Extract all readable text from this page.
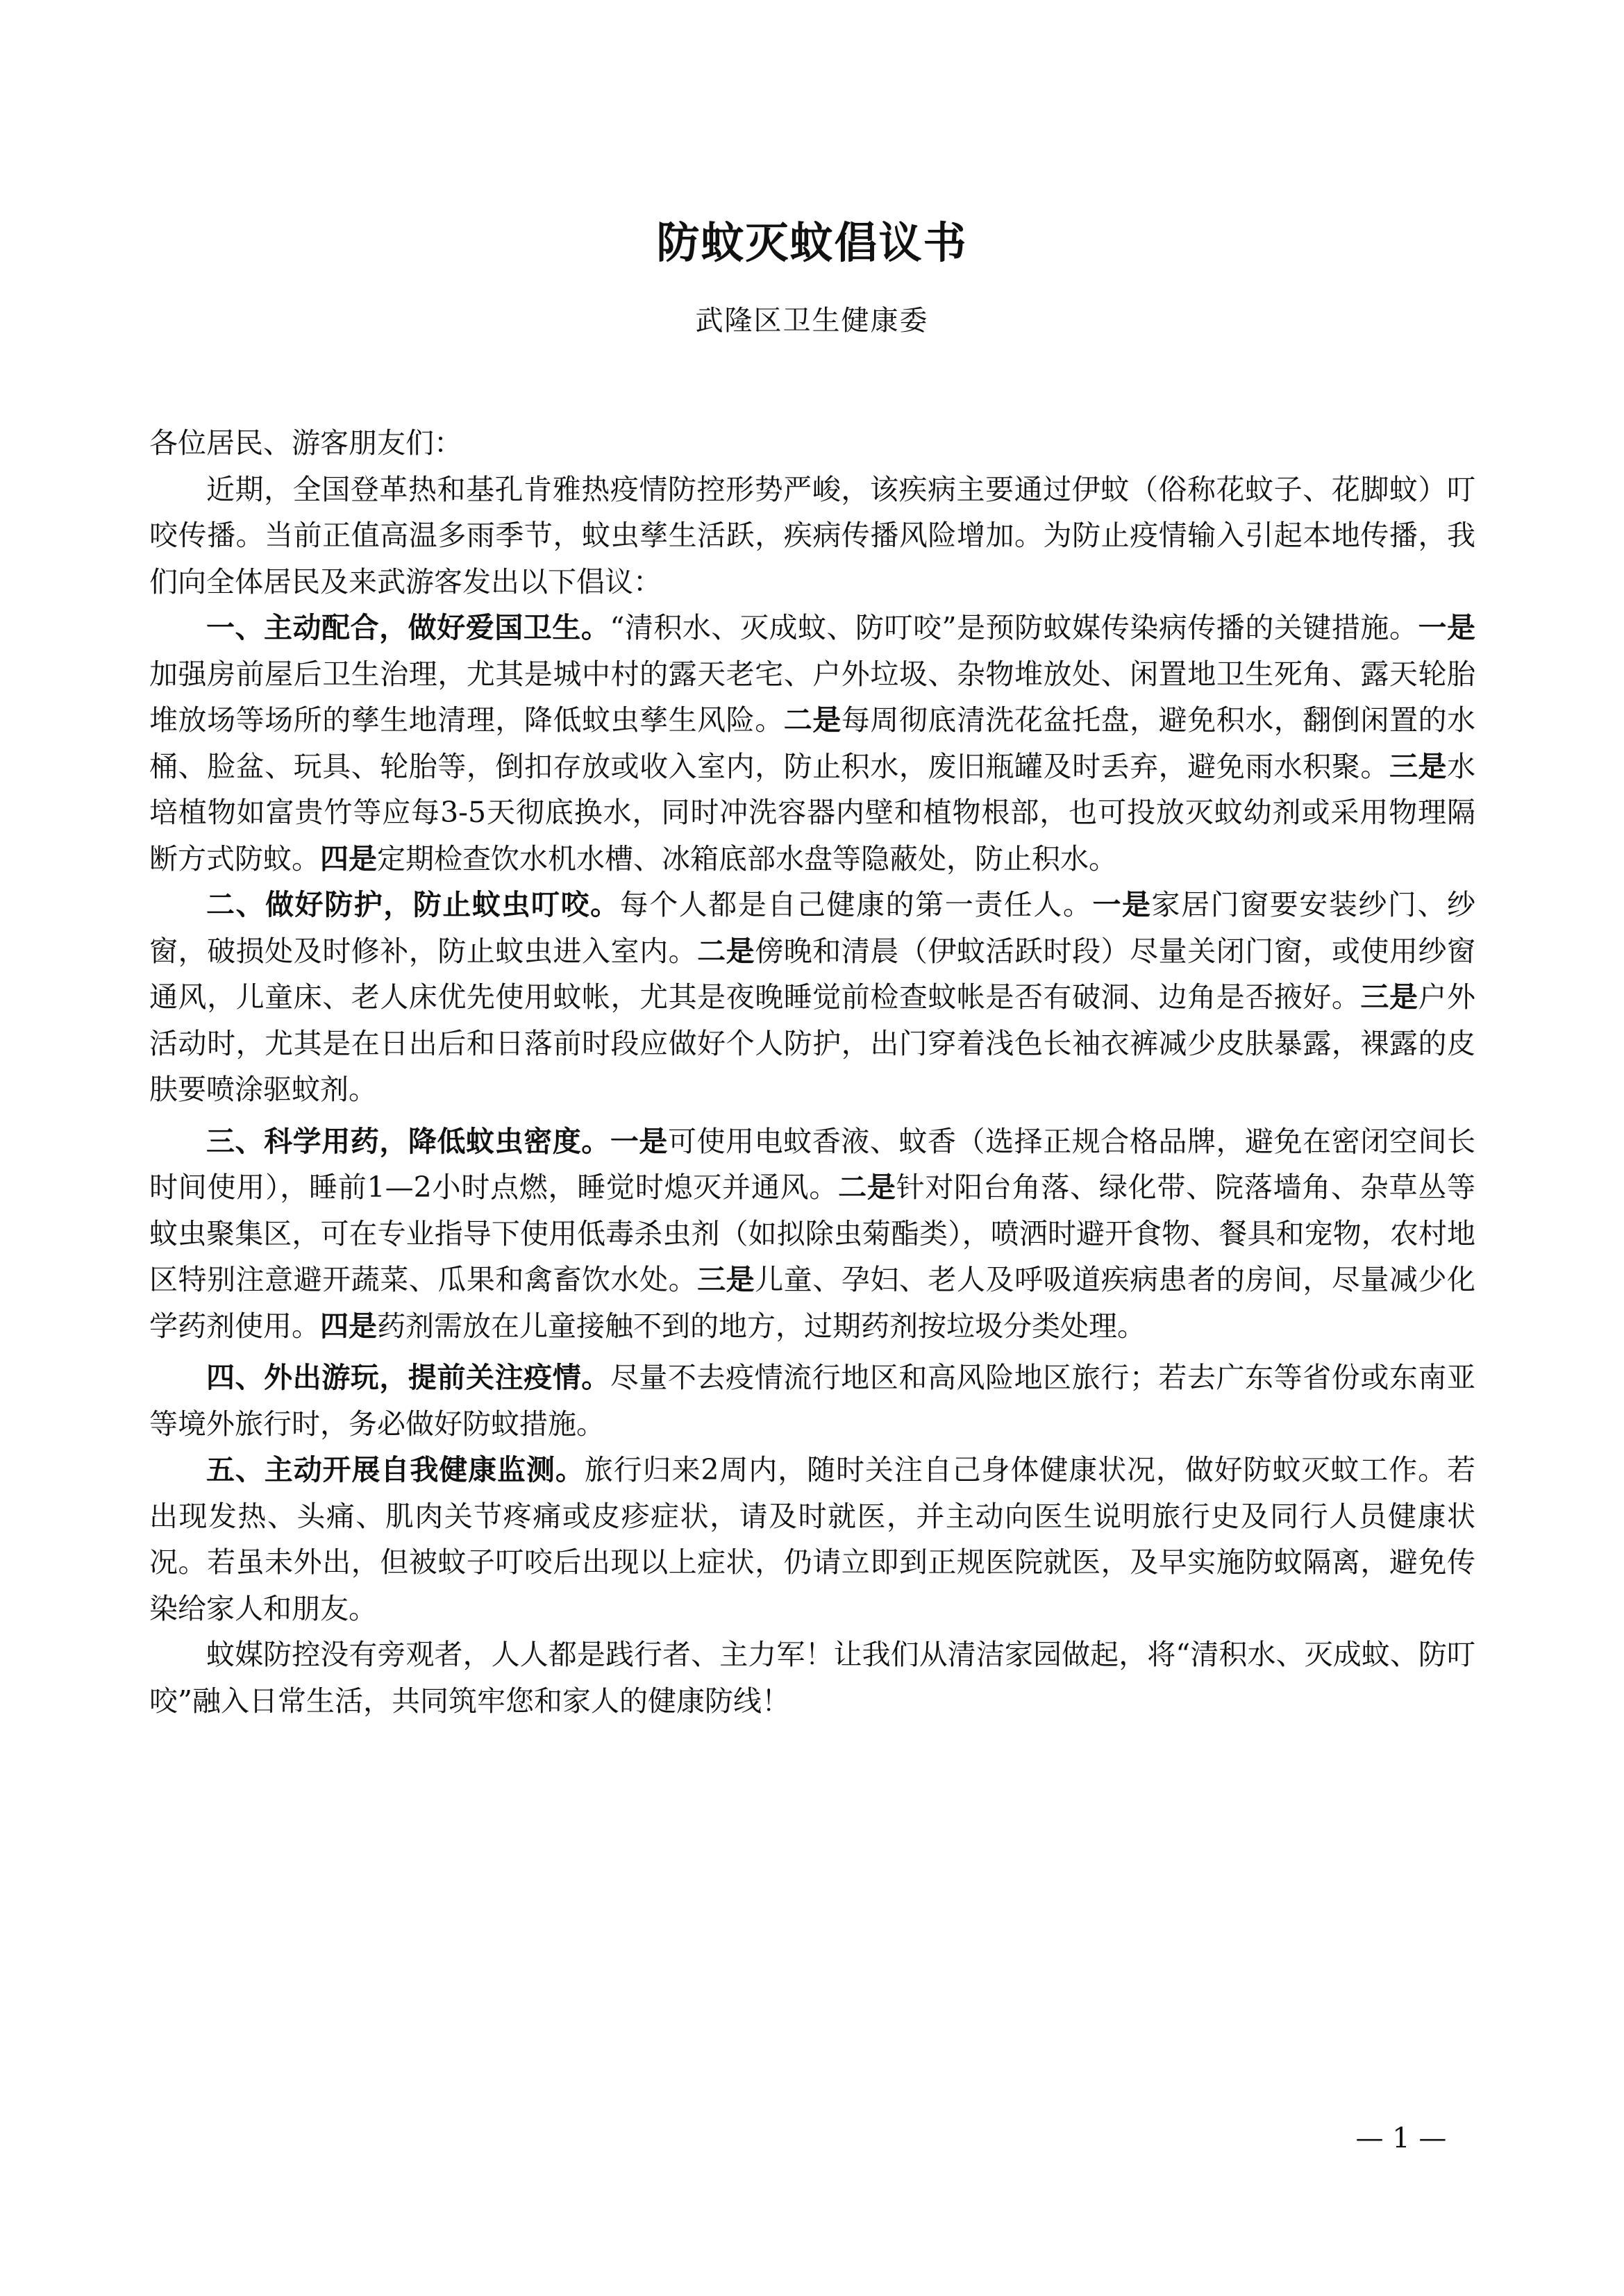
防蚊灭蚊倡议书
武隆区卫生健康委

各位居民、游客朋友们：

近期，全国登革热和基孔肯雅热疫情防控形势严峻，该疾病主要通过伊蚊（俗称花蚊子、花脚蚊）叮咬传播。当前正值高温多雨季节，蚊虫孳生活跃，疾病传播风险增加。为防止疫情输入引起本地传播，我们向全体居民及来武游客发出以下倡议：

一、主动配合，做好爱国卫生。“清积水、灭成蚊、防叮咬”是预防蚊媒传染病传播的关键措施。一是加强房前屋后卫生治理，尤其是城中村的露天老宅、户外垃圾、杂物堆放处、闲置地卫生死角、露天轮胎堆放场等场所的孳生地清理，降低蚊虫孳生风险。二是每周彻底清洗花盆托盘，避免积水，翻倒闲置的水桶、脸盆、玩具、轮胎等，倒扣存放或收入室内，防止积水，废旧瓶罐及时丢弃，避免雨水积聚。三是水培植物如富贵竹等应每3-5天彻底换水，同时冲洗容器内壁和植物根部，也可投放灭蚊幼剂或采用物理隔断方式防蚊。四是定期检查饮水机水槽、冰箱底部水盘等隐蔽处，防止积水。

二、做好防护，防止蚊虫叮咬。每个人都是自己健康的第一责任人。一是家居门窗要安装纱门、纱窗，破损处及时修补，防止蚊虫进入室内。二是傍晚和清晨（伊蚊活跃时段）尽量关闭门窗，或使用纱窗通风，儿童床、老人床优先使用蚊帐，尤其是夜晚睡觉前检查蚊帐是否有破洞、边角是否掖好。三是户外活动时，尤其是在日出后和日落前时段应做好个人防护，出门穿着浅色长袖衣裤减少皮肤暴露，裸露的皮肤要喷涂驱蚊剂。

三、科学用药，降低蚊虫密度。一是可使用电蚊香液、蚊香（选择正规合格品牌，避免在密闭空间长时间使用），睡前1—2小时点燃，睡觉时熄灭并通风。二是针对阳台角落、绿化带、院落墙角、杂草丛等蚊虫聚集区，可在专业指导下使用低毒杀虫剂（如拟除虫菊酯类），喷洒时避开食物、餐具和宠物，农村地区特别注意避开蔬菜、瓜果和禽畜饮水处。三是儿童、孕妇、老人及呼吸道疾病患者的房间，尽量减少化学药剂使用。四是药剂需放在儿童接触不到的地方，过期药剂按垃圾分类处理。

四、外出游玩，提前关注疫情。尽量不去疫情流行地区和高风险地区旅行；若去广东等省份或东南亚等境外旅行时，务必做好防蚊措施。

五、主动开展自我健康监测。旅行归来2周内，随时关注自己身体健康状况，做好防蚊灭蚊工作。若出现发热、头痛、肌肉关节疼痛或皮疹症状，请及时就医，并主动向医生说明旅行史及同行人员健康状况。若虽未外出，但被蚊子叮咬后出现以上症状，仍请立即到正规医院就医，及早实施防蚊隔离，避免传染给家人和朋友。

蚊媒防控没有旁观者，人人都是践行者、主力军！让我们从清洁家园做起，将“清积水、灭成蚊、防叮咬”融入日常生活，共同筑牢您和家人的健康防线！

— 1 —
